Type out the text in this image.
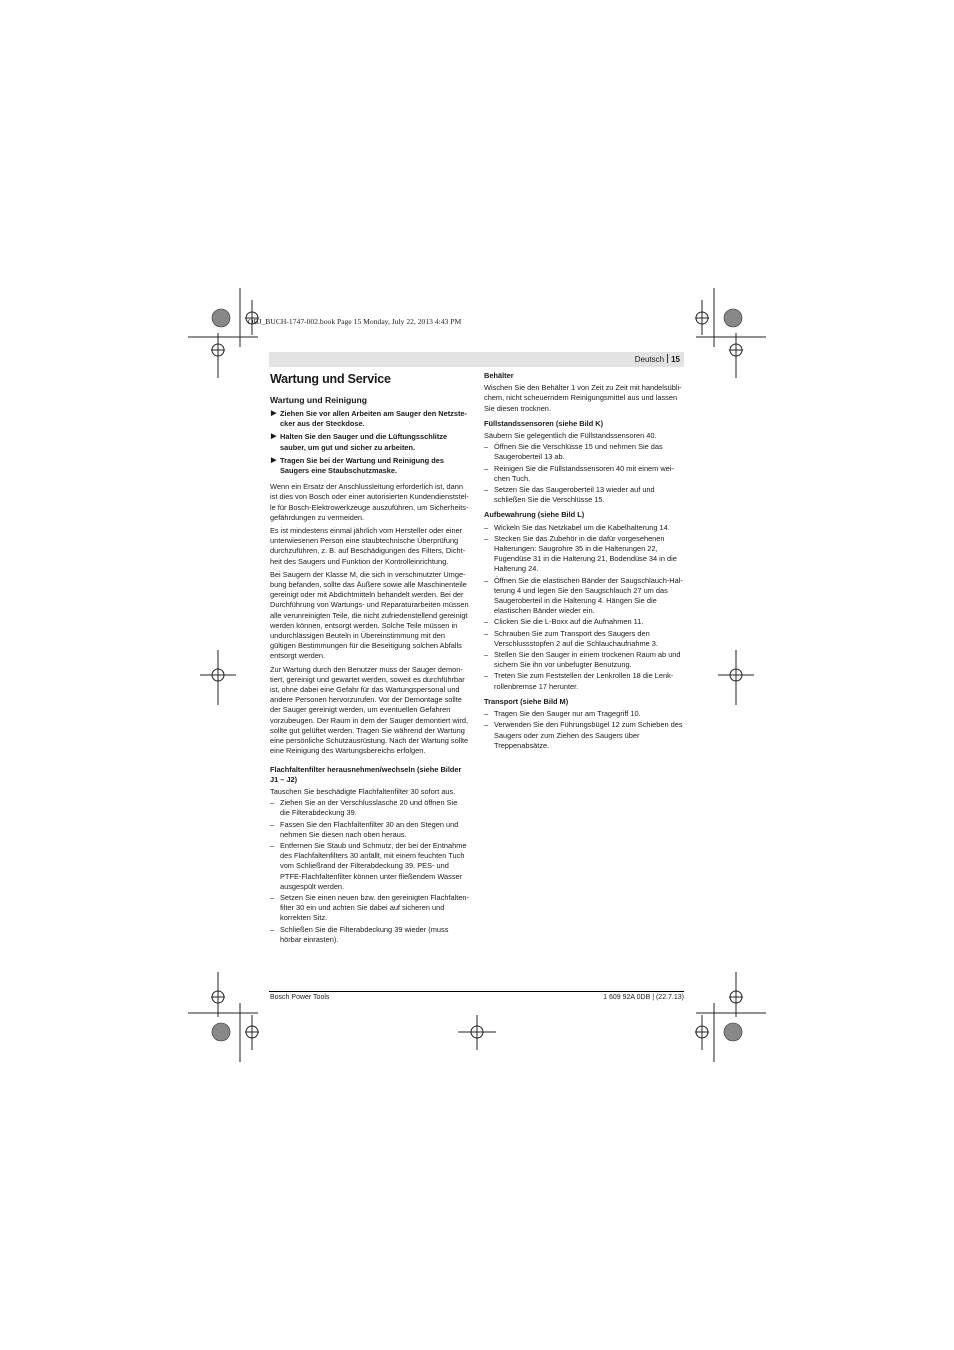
OBJ_BUCH-1747-002.book Page 15 Monday, July 22, 2013 4:43 PM
Deutsch 15
Wartung und Service
Wartung und Reinigung
▶ Ziehen Sie vor allen Arbeiten am Sauger den Netzstecker aus der Steckdose.
▶ Halten Sie den Sauger und die Lüftungsschlitze sauber, um gut und sicher zu arbeiten.
▶ Tragen Sie bei der Wartung und Reinigung des Saugers eine Staubschutzmaske.

Wenn ein Ersatz der Anschlussleitung erforderlich ist, dann ist dies von Bosch oder einer autorisierten Kundendienststelle für Bosch-Elektrowerkzeuge auszuführen, um Sicherheitsgefährdungen zu vermeiden.

Es ist mindestens einmal jährlich vom Hersteller oder einer unterwiesenen Person eine staubtechnische Überprüfung durchzuführen, z. B. auf Beschädigungen des Filters, Dichtheit des Saugers und Funktion der Kontrolleinrichtung.

Bei Saugern der Klasse M, die sich in verschmutzter Umgebung befanden, sollte das Äußere sowie alle Maschinenteile gereinigt oder mit Abdichtmitteln behandelt werden. Bei der Durchführung von Wartungs- und Reparaturarbeiten müssen alle verunreinigten Teile, die nicht zufriedenstellend gereinigt werden können, entsorgt werden. Solche Teile müssen in undurchlässigen Beuteln in Übereinstimmung mit den gültigen Bestimmungen für die Beseitigung solchen Abfalls entsorgt werden.

Zur Wartung durch den Benutzer muss der Sauger demontiert, gereinigt und gewartet werden, soweit es durchführbar ist, ohne dabei eine Gefahr für das Wartungspersonal und andere Personen hervorzurufen. Vor der Demontage sollte der Sauger gereinigt werden, um eventuellen Gefahren vorzubeugen. Der Raum in dem der Sauger demontiert wird, sollte gut gelüftet werden. Tragen Sie während der Wartung eine persönliche Schutzausrüstung. Nach der Wartung sollte eine Reinigung des Wartungsbereichs erfolgen.

Flachfaltenfilter herausnehmen/wechseln (siehe Bilder J1 – J2)

Tauschen Sie beschädigte Flachfaltenfilter 30 sofort aus.

– Ziehen Sie an der Verschlusslasche 20 und öffnen Sie die Filterabdeckung 39.
– Fassen Sie den Flachfaltenfilter 30 an den Stegen und nehmen Sie diesen nach oben heraus.
– Entfernen Sie Staub und Schmutz, der bei der Entnahme des Flachfaltenfilters 30 anfällt, mit einem feuchten Tuch vom Schließrand der Filterabdeckung 39. PES- und PTFE-Flachfaltenfilter können unter fließendem Wasser ausgespült werden.
– Setzen Sie einen neuen bzw. den gereinigten Flachfaltenfilter 30 ein und achten Sie dabei auf sicheren und korrekten Sitz.
– Schließen Sie die Filterabdeckung 39 wieder (muss hörbar einrasten).
Behälter

Wischen Sie den Behälter 1 von Zeit zu Zeit mit handelsüblichem, nicht scheuerndem Reinigungsmittel aus und lassen Sie diesen trocknen.

Füllstandssensoren (siehe Bild K)

Säubern Sie gelegentlich die Füllstandssensoren 40.

– Öffnen Sie die Verschlüsse 15 und nehmen Sie das Saugeroberteil 13 ab.
– Reinigen Sie die Füllstandssensoren 40 mit einem weichen Tuch.
– Setzen Sie das Saugeroberteil 13 wieder auf und schließen Sie die Verschlüsse 15.
Aufbewahrung (siehe Bild L)
– Wickeln Sie das Netzkabel um die Kabelhalterung 14.
– Stecken Sie das Zubehör in die dafür vorgesehenen Halterungen: Saugrohre 35 in die Halterungen 22, Fugendüse 31 in die Halterung 21, Bodendüse 34 in die Halterung 24.
– Öffnen Sie die elastischen Bänder der Saugschlauch-Halterung 4 und legen Sie den Saugschlauch 27 um das Saugeroberteil in die Halterung 4. Hängen Sie die elastischen Bänder wieder ein.
– Clicken Sie die L-Boxx auf die Aufnahmen 11.
– Schrauben Sie zum Transport des Saugers den Verschlussstopfen 2 auf die Schlauchaufnahme 3.
– Stellen Sie den Sauger in einem trockenen Raum ab und sichern Sie ihn vor unbefugter Benutzung.
– Treten Sie zum Feststellen der Lenkrollen 18 die Lenkrollenbremse 17 herunter.
Transport (siehe Bild M)
– Tragen Sie den Sauger nur am Tragegriff 10.
– Verwenden Sie den Führungsbügel 12 zum Schieben des Saugers oder zum Ziehen des Saugers über Treppenabsätze.
Bosch Power Tools	1 609 92A 0DB | (22.7.13)
